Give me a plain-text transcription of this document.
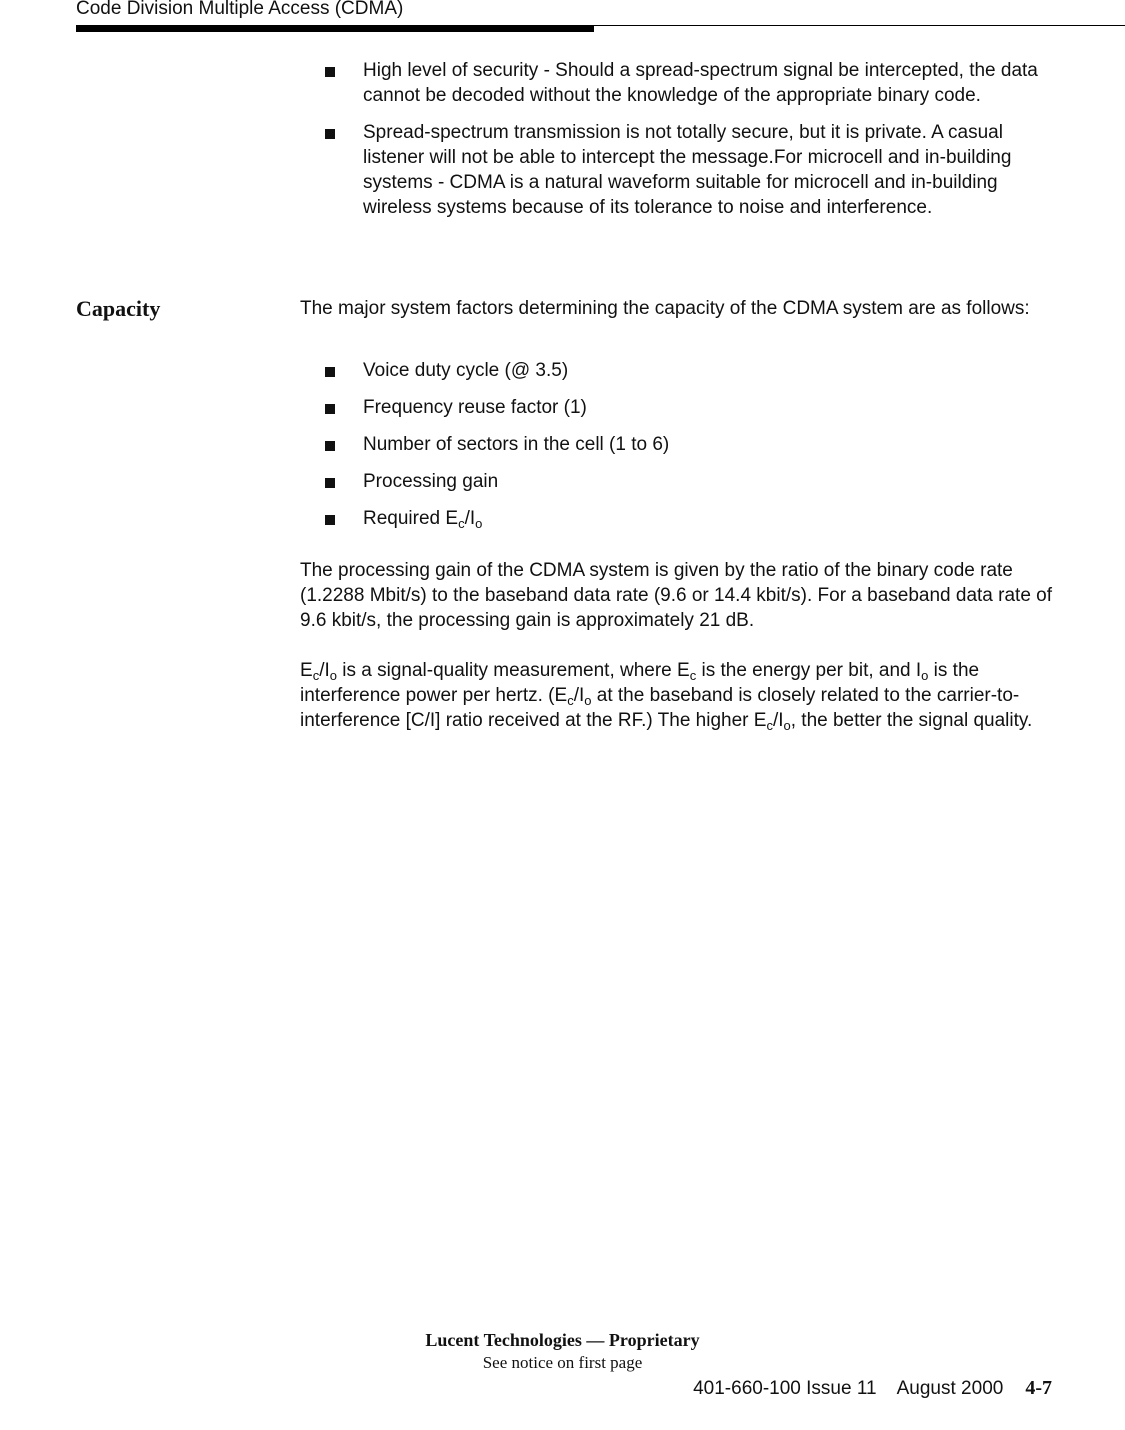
Code Division Multiple Access (CDMA)
High level of security - Should a spread-spectrum signal be intercepted, the data cannot be decoded without the knowledge of the appropriate binary code.
Spread-spectrum transmission is not totally secure, but it is private. A casual listener will not be able to intercept the message.For microcell and in-building systems - CDMA is a natural waveform suitable for microcell and in-building wireless systems because of its tolerance to noise and interference.
Capacity	The major system factors determining the capacity of the CDMA system are as follows:

Voice duty cycle (@ 3.5)
Frequency reuse factor (1)
Number of sectors in the cell (1 to 6)
Processing gain
Required $E_c/I_o$

The processing gain of the CDMA system is given by the ratio of the binary code rate (1.2288 Mbit/s) to the baseband data rate (9.6 or 14.4 kbit/s). For a baseband data rate of 9.6 kbit/s, the processing gain is approximately 21 dB.

$E_c/I_o$ is a signal-quality measurement, where $E_c$ is the energy per bit, and $I_o$ is the interference power per hertz. ($E_c/I_o$ at the baseband is closely related to the carrier-to-interference [C/I] ratio received at the RF.) The higher $E_c/I_o$, the better the signal quality.

Lucent Technologies — Proprietary
See notice on first page
401-660-100 Issue 11    August 2000 4-7
